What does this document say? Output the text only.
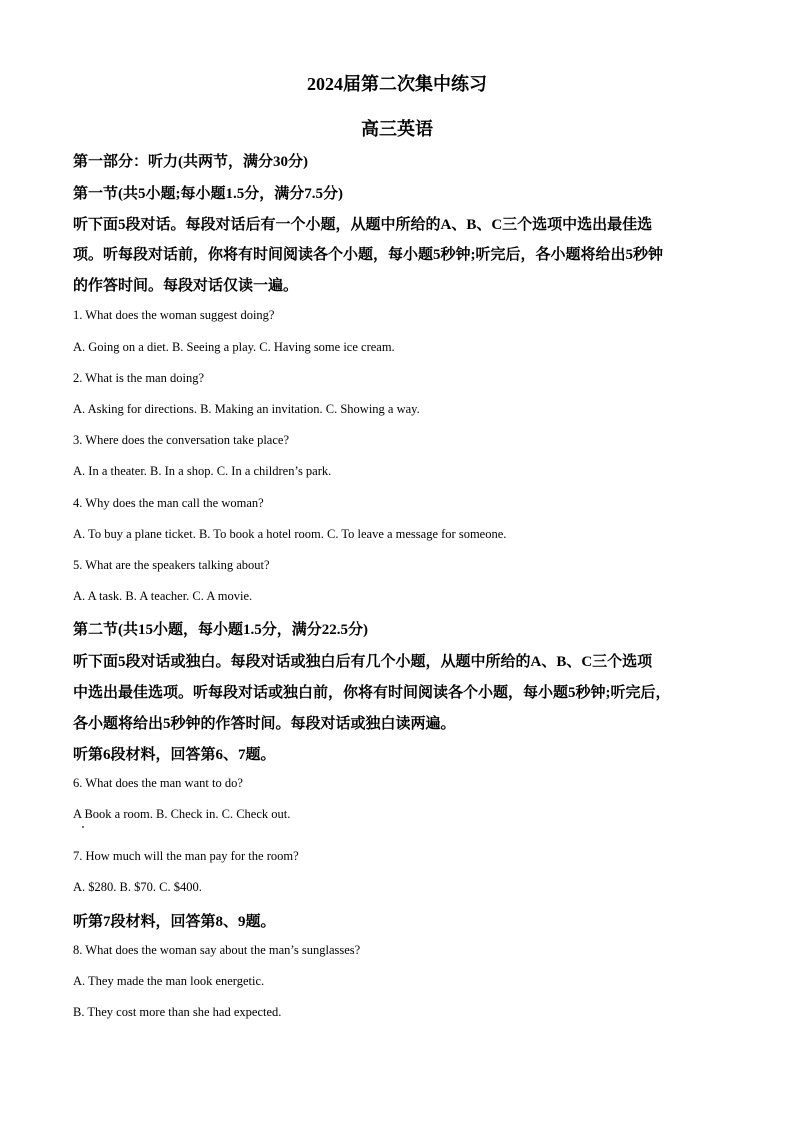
2024届第二次集中练习
高三英语
第一部分：听力(共两节，满分30分)
第一节(共5小题;每小题1.5分，满分7.5分)
听下面5段对话。每段对话后有一个小题，从题中所给的A、B、C三个选项中选出最佳选
项。听每段对话前，你将有时间阅读各个小题，每小题5秒钟;听完后，各小题将给出5秒钟
的作答时间。每段对话仅读一遍。
1. What does the woman suggest doing?
A. Going on a diet. B. Seeing a play. C. Having some ice cream.
2. What is the man doing?
A. Asking for directions. B. Making an invitation. C. Showing a way.
3. Where does the conversation take place?
A. In a theater. B. In a shop. C. In a children’s park.
4. Why does the man call the woman?
A. To buy a plane ticket. B. To book a hotel room. C. To leave a message for someone.
5. What are the speakers talking about?
A. A task. B. A teacher. C. A movie.
第二节(共15小题，每小题1.5分，满分22.5分)
听下面5段对话或独白。每段对话或独白后有几个小题，从题中所给的A、B、C三个选项
中选出最佳选项。听每段对话或独白前，你将有时间阅读各个小题，每小题5秒钟;听完后，
各小题将给出5秒钟的作答时间。每段对话或独白读两遍。
听第6段材料，回答第6、7题。
6. What does the man want to do?
A Book a room. B. Check in. C. Check out.
7. How much will the man pay for the room?
A. $280. B. $70. C. $400.
听第7段材料，回答第8、9题。
8. What does the woman say about the man’s sunglasses?
A. They made the man look energetic.
B. They cost more than she had expected.
